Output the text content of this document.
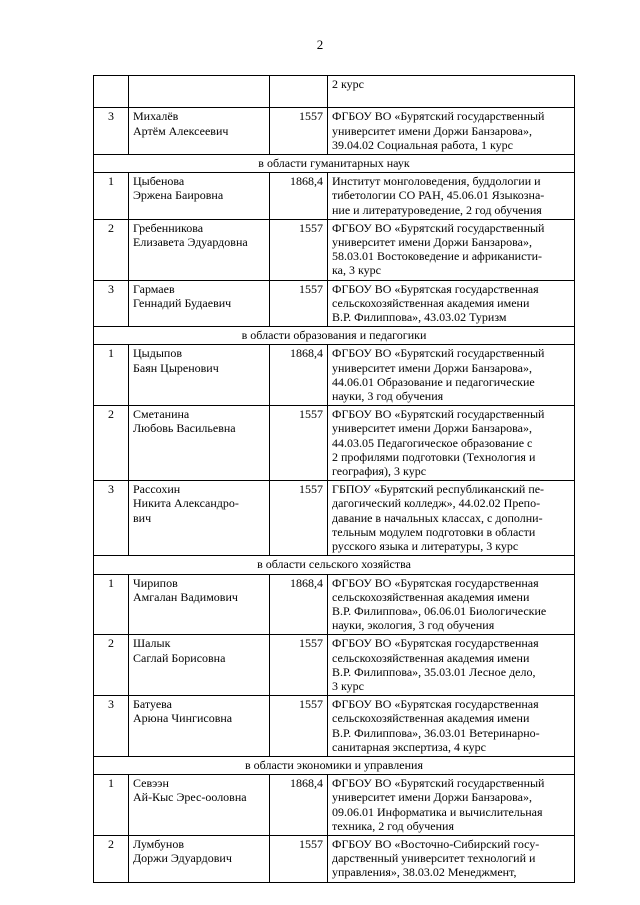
2

			2 курс

3	Михалёв
Артём Алексеевич	1557	ФГБОУ ВО «Бурятский государственный
университет имени Доржи Банзарова»,
39.04.02 Социальная работа, 1 курс

в области гуманитарных наук			
1	Цыбенова
Эржена Баировна	1868,4	Институт монголоведения, буддологии и
тибетологии СО РАН, 45.06.01 Языкозна-
ние и литературоведение, 2 год обучения

2	Гребенникова
Елизавета Эдуардовна	1557	ФГБОУ ВО «Бурятский государственный
университет имени Доржи Банзарова»,
58.03.01 Востоковедение и африканисти-
ка, 3 курс

3	Гармаев
Геннадий Будаевич	1557	ФГБОУ ВО «Бурятская государственная
сельскохозяйственная академия имени
В.Р. Филиппова», 43.03.02 Туризм

в области образования и педагогики			
1	Цыдыпов
Баян Цыренович	1868,4	ФГБОУ ВО «Бурятский государственный
университет имени Доржи Банзарова»,
44.06.01 Образование и педагогические
науки, 3 год обучения

2	Сметанина
Любовь Васильевна	1557	ФГБОУ ВО «Бурятский государственный
университет имени Доржи Банзарова»,
44.03.05 Педагогическое образование с
2 профилями подготовки (Технология и
география), 3 курс

3	Рассохин
Никита Александро-
вич	1557	ГБПОУ «Бурятский республиканский пе-
дагогический колледж», 44.02.02 Препо-
давание в начальных классах, с дополни-
тельным модулем подготовки в области
русского языка и литературы, 3 курс

в области сельского хозяйства			
1	Чирипов
Амгалан Вадимович	1868,4	ФГБОУ ВО «Бурятская государственная
сельскохозяйственная академия имени
В.Р. Филиппова», 06.06.01 Биологические
науки, экология, 3 год обучения

2	Шалык
Саглай Борисовна	1557	ФГБОУ ВО «Бурятская государственная
сельскохозяйственная академия имени
В.Р. Филиппова», 35.03.01 Лесное дело,
3 курс

3	Батуева
Арюна Чингисовна	1557	ФГБОУ ВО «Бурятская государственная
сельскохозяйственная академия имени
В.Р. Филиппова», 36.03.01 Ветеринарно-
санитарная экспертиза, 4 курс

в области экономики и управления			
1	Севээн
Ай-Кыс Эрес-ооловна	1868,4	ФГБОУ ВО «Бурятский государственный
университет имени Доржи Банзарова»,
09.06.01 Информатика и вычислительная
техника, 2 год обучения

2	Лумбунов
Доржи Эдуардович	1557	ФГБОУ ВО «Восточно-Сибирский госу-
дарственный университет технологий и
управления», 38.03.02 Менеджмент,
